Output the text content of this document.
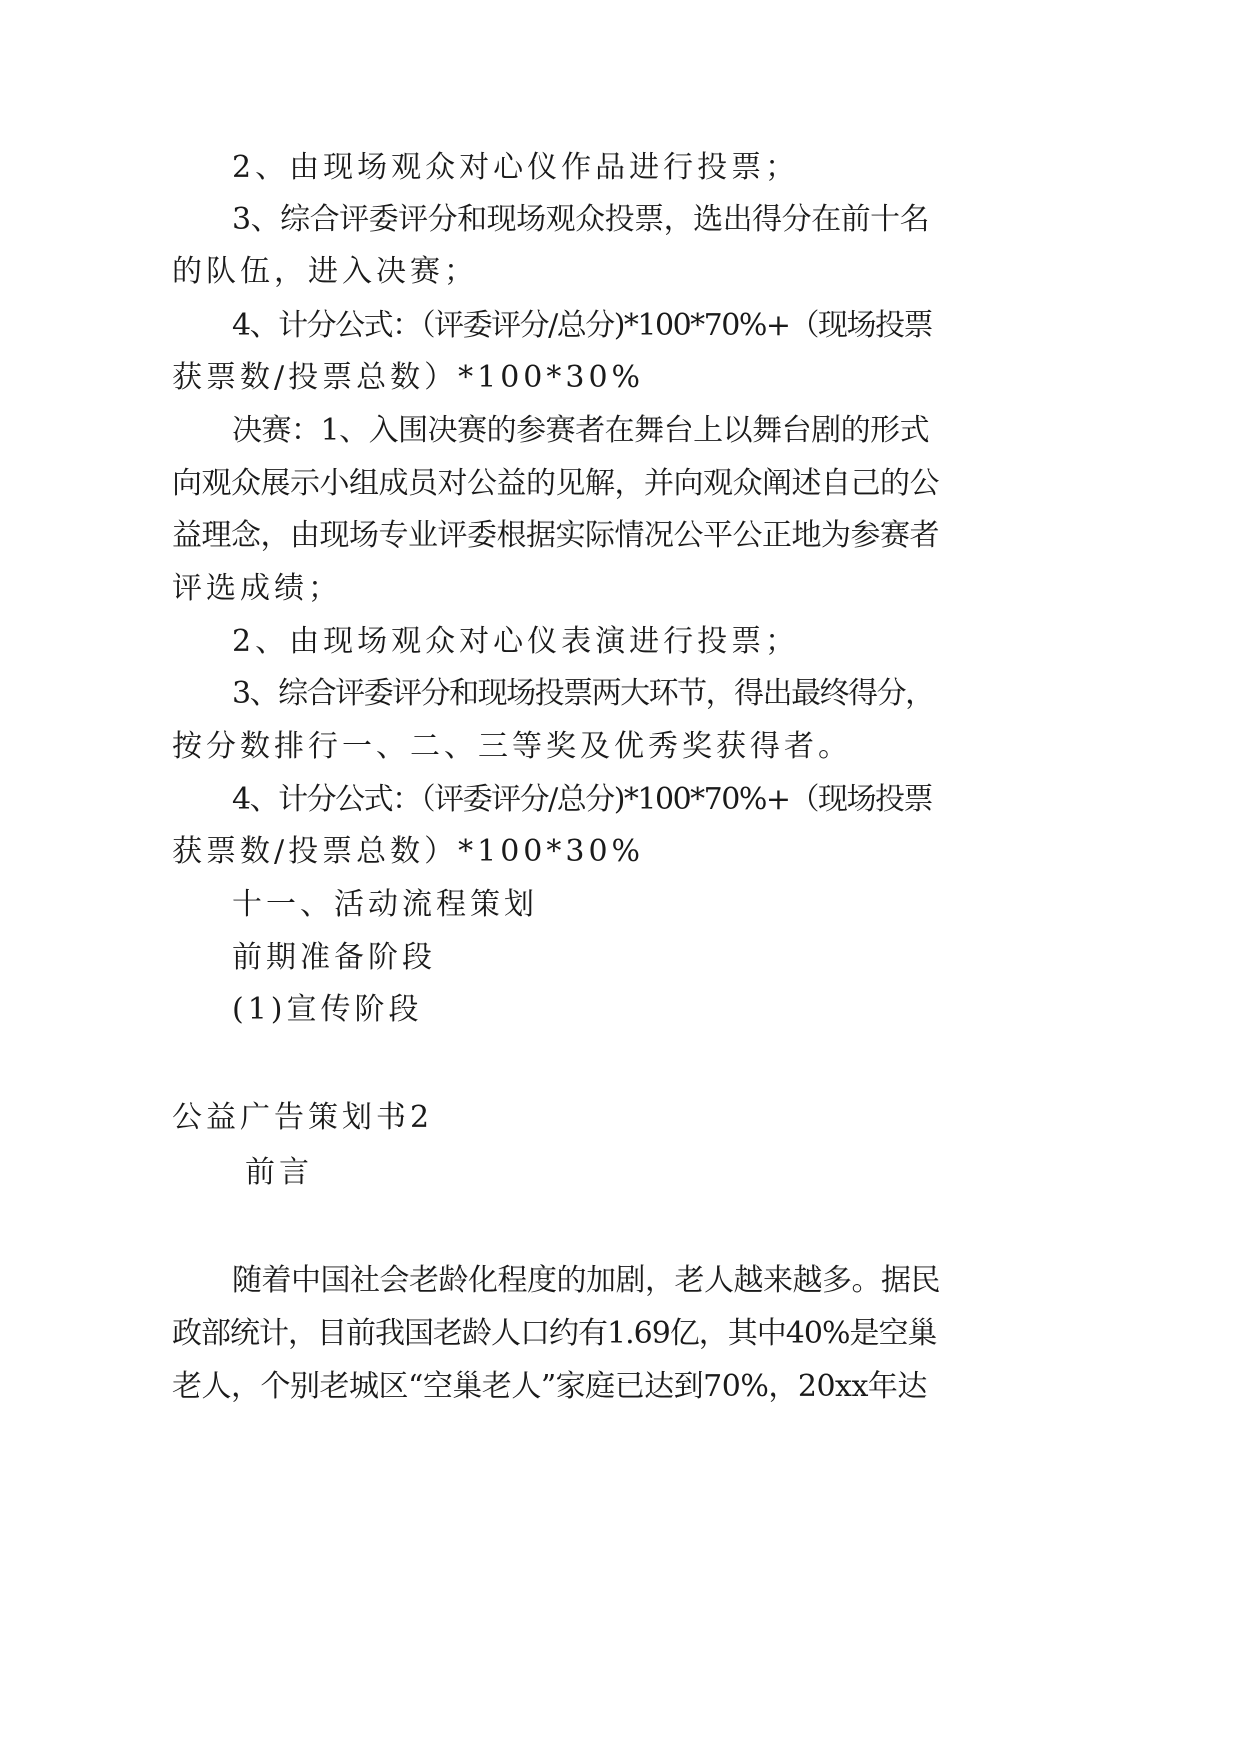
2、由现场观众对心仪作品进行投票；
3、综合评委评分和现场观众投票，选出得分在前十名
的队伍，进入决赛；
4、计分公式：（评委评分/总分)*100*70%+（现场投票
获票数/投票总数）*100*30%
决赛：1、入围决赛的参赛者在舞台上以舞台剧的形式
向观众展示小组成员对公益的见解，并向观众阐述自己的公
益理念，由现场专业评委根据实际情况公平公正地为参赛者
评选成绩；
2、由现场观众对心仪表演进行投票；
3、综合评委评分和现场投票两大环节，得出最终得分，
按分数排行一、二、三等奖及优秀奖获得者。
4、计分公式：（评委评分/总分)*100*70%+（现场投票
获票数/投票总数）*100*30%
十一、活动流程策划
前期准备阶段
(1)宣传阶段
公益广告策划书2
前言
随着中国社会老龄化程度的加剧，老人越来越多。据民
政部统计，目前我国老龄人口约有1.69亿，其中40%是空巢
老人，个别老城区“空巢老人”家庭已达到70%，20xx年达
